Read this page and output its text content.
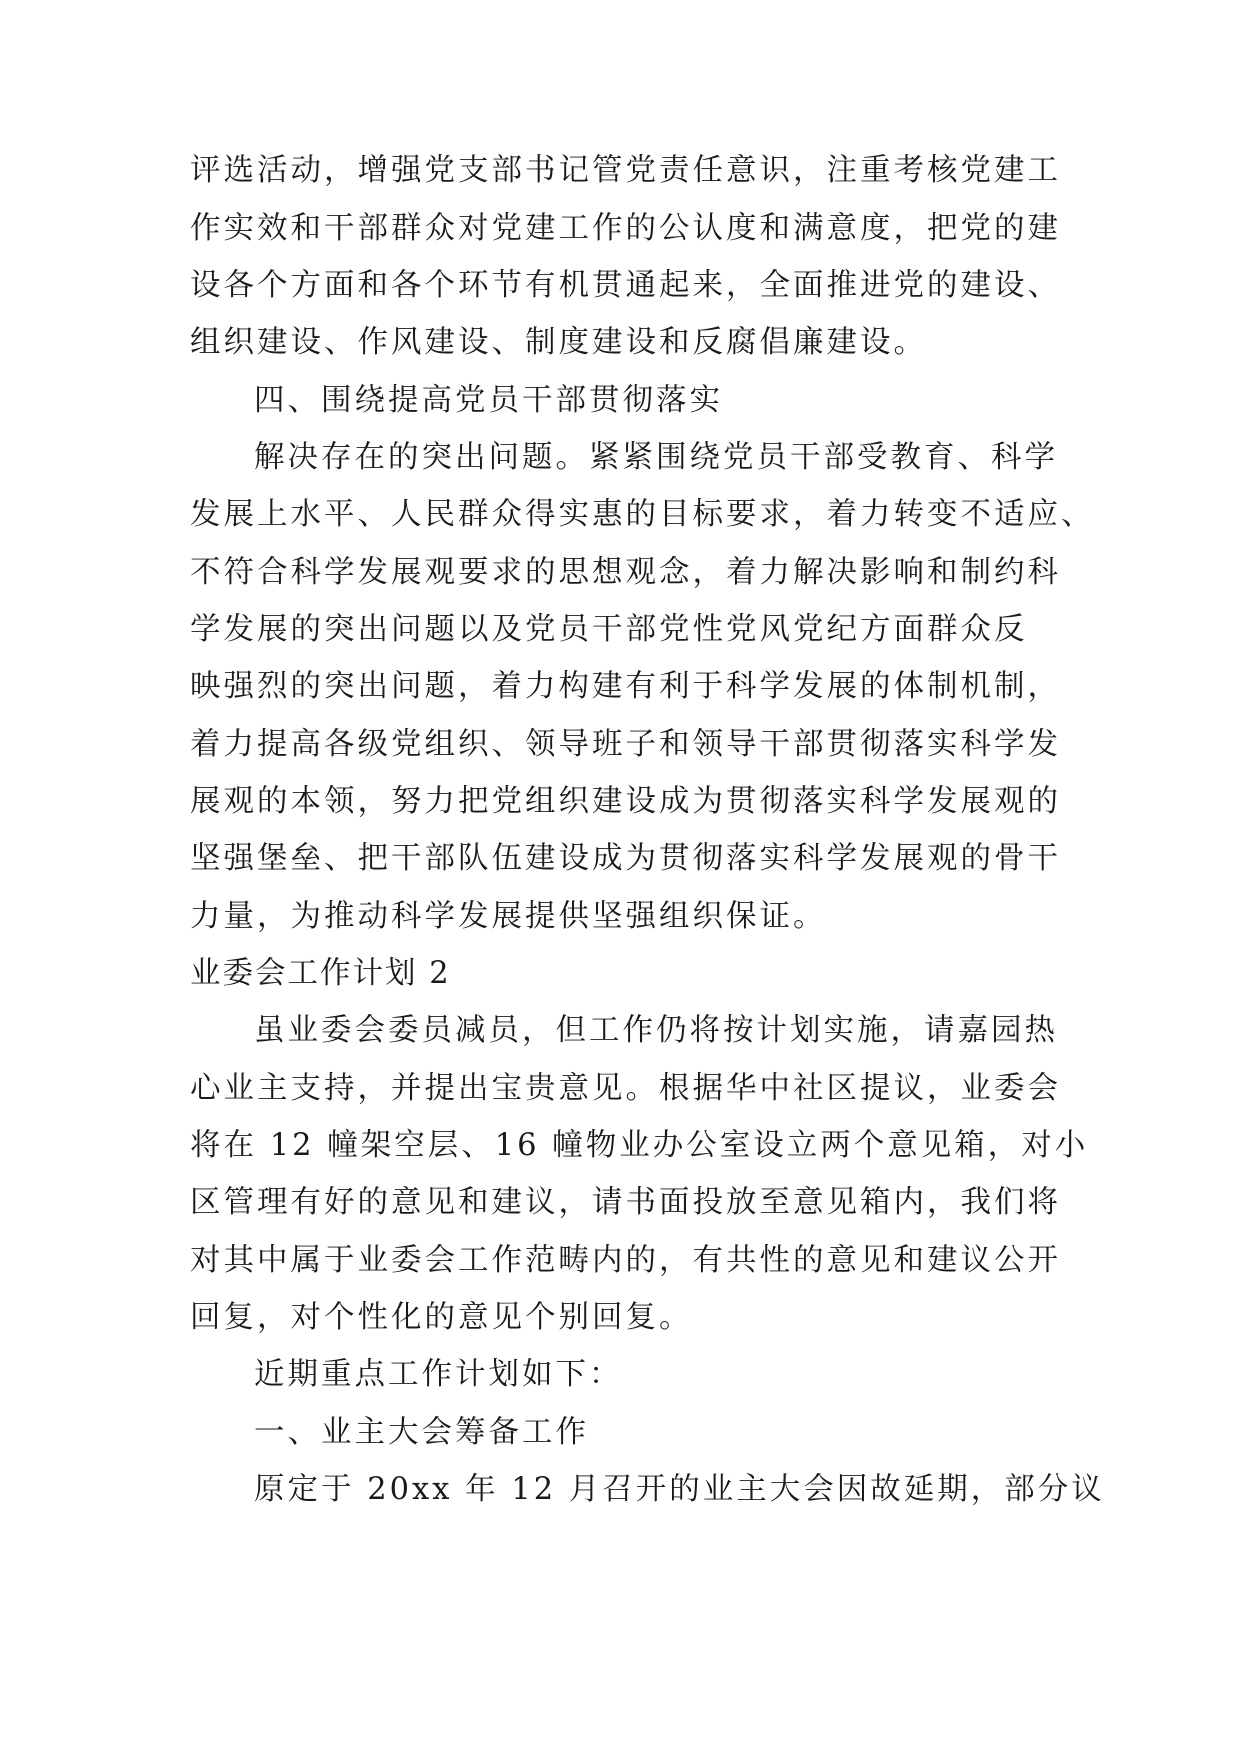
评选活动，增强党支部书记管党责任意识，注重考核党建工
作实效和干部群众对党建工作的公认度和满意度，把党的建
设各个方面和各个环节有机贯通起来，全面推进党的建设、
组织建设、作风建设、制度建设和反腐倡廉建设。
四、围绕提高党员干部贯彻落实
解决存在的突出问题。紧紧围绕党员干部受教育、科学
发展上水平、人民群众得实惠的目标要求，着力转变不适应、
不符合科学发展观要求的思想观念，着力解决影响和制约科
学发展的突出问题以及党员干部党性党风党纪方面群众反
映强烈的突出问题，着力构建有利于科学发展的体制机制，
着力提高各级党组织、领导班子和领导干部贯彻落实科学发
展观的本领，努力把党组织建设成为贯彻落实科学发展观的
坚强堡垒、把干部队伍建设成为贯彻落实科学发展观的骨干
力量，为推动科学发展提供坚强组织保证。
业委会工作计划 2
虽业委会委员减员，但工作仍将按计划实施，请嘉园热
心业主支持，并提出宝贵意见。根据华中社区提议，业委会
将在 12 幢架空层、16 幢物业办公室设立两个意见箱，对小
区管理有好的意见和建议，请书面投放至意见箱内，我们将
对其中属于业委会工作范畴内的，有共性的意见和建议公开
回复，对个性化的意见个别回复。
近期重点工作计划如下：
一、业主大会筹备工作
原定于 20xx 年 12 月召开的业主大会因故延期，部分议
